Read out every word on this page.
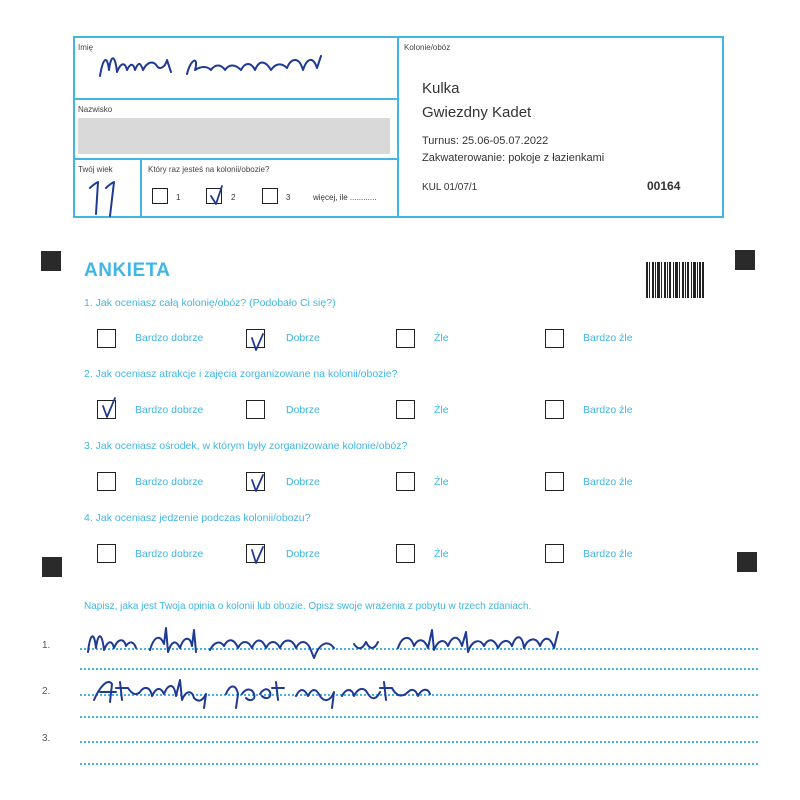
Imię
Nazwisko
Twój wiek	Który raz jesteś na kolonii/obozie?
1	2	3	więcej, ile ............
Kolonie/obóz
Kulka
Gwiezdny Kadet
Turnus: 25.06-05.07.2022
Zakwaterowanie: pokoje z łazienkami
KUL 01/07/1	00164
ANKIETA
1. Jak oceniasz całą kolonię/obóz? (Podobało Ci się?)
Bardzo dobrze	Dobrze	Źle	Bardzo źle
2. Jak oceniasz atrakcje i zajęcia zorganizowane na kolonii/obozie?
Bardzo dobrze	Dobrze	Źle	Bardzo źle
3. Jak oceniasz ośrodek, w którym były zorganizowane kolonie/obóz?
Bardzo dobrze	Dobrze	Źle	Bardzo źle
4. Jak oceniasz jedzenie podczas kolonii/obozu?
Bardzo dobrze	Dobrze	Źle	Bardzo źle
Napisz, jaka jest Twoja opinia o kolonii lub obozie. Opisz swoje wrażenia z pobytu w trzech zdaniach.
1.
2.
3.
